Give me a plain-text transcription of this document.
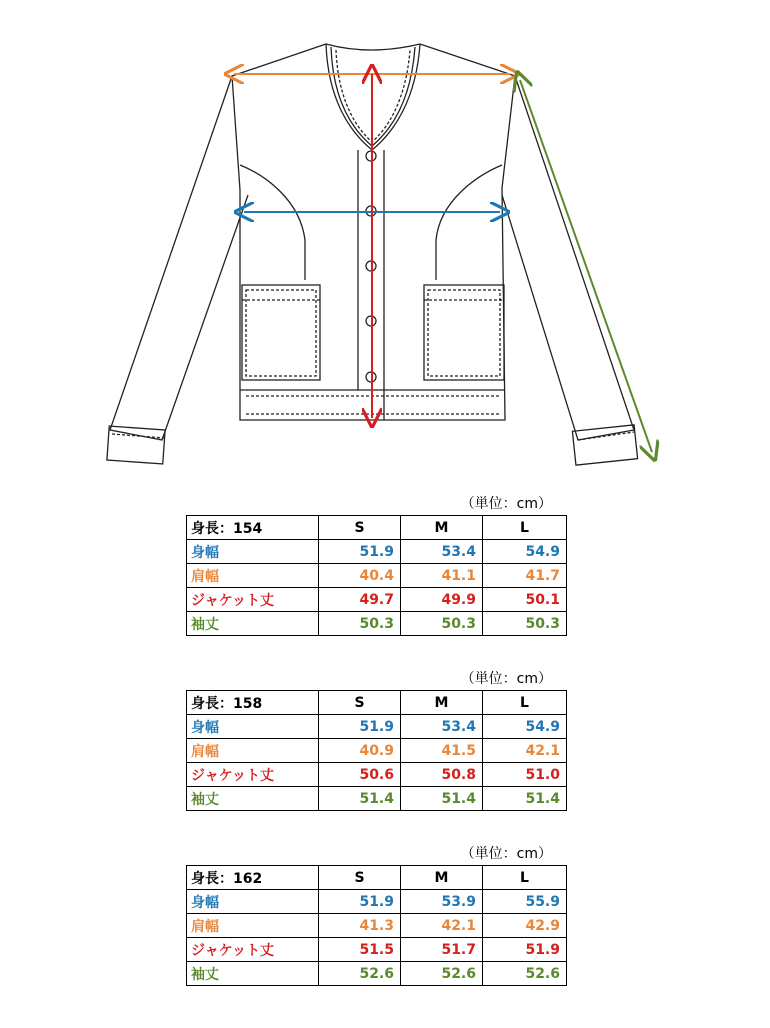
（単位：cm）
身長：154	S	M	L
身幅	51.9	53.4	54.9
肩幅	40.4	41.1	41.7
ジャケット丈	49.7	49.9	50.1
袖丈	50.3	50.3	50.3
（単位：cm）
身長：158	S	M	L
身幅	51.9	53.4	54.9
肩幅	40.9	41.5	42.1
ジャケット丈	50.6	50.8	51.0
袖丈	51.4	51.4	51.4
（単位：cm）
身長：162	S	M	L
身幅	51.9	53.9	55.9
肩幅	41.3	42.1	42.9
ジャケット丈	51.5	51.7	51.9
袖丈	52.6	52.6	52.6
